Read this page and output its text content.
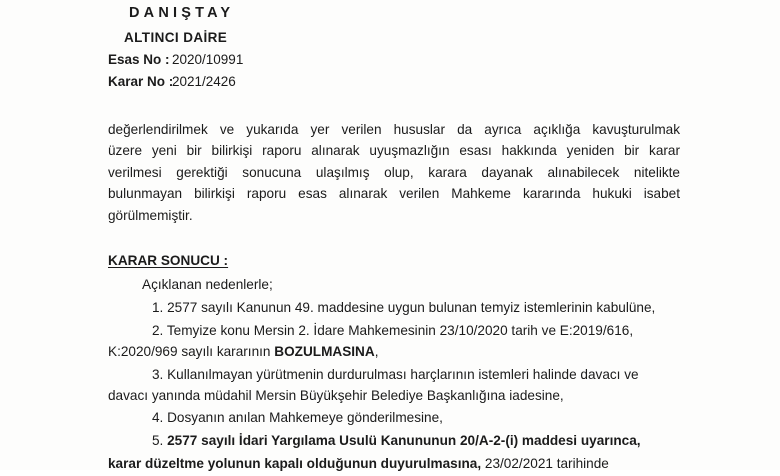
DANIŞTAY
ALTINCI DAİRE
Esas No : 2020/10991
Karar No :2021/2426
değerlendirilmek ve yukarıda yer verilen hususlar da ayrıca açıklığa kavuşturulmak
üzere yeni bir bilirkişi raporu alınarak uyuşmazlığın esası hakkında yeniden bir karar
verilmesi gerektiği sonucuna ulaşılmış olup, karara dayanak alınabilecek nitelikte
bulunmayan bilirkişi raporu esas alınarak verilen Mahkeme kararında hukuki isabet
görülmemiştir.
KARAR SONUCU :
Açıklanan nedenlerle;
1. 2577 sayılı Kanunun 49. maddesine uygun bulunan temyiz istemlerinin kabulüne,
2. Temyize konu Mersin 2. İdare Mahkemesinin 23/10/2020 tarih ve E:2019/616,
K:2020/969 sayılı kararının BOZULMASINA,
3. Kullanılmayan yürütmenin durdurulması harçlarının istemleri halinde davacı ve
davacı yanında müdahil Mersin Büyükşehir Belediye Başkanlığına iadesine,
4. Dosyanın anılan Mahkemeye gönderilmesine,
5. 2577 sayılı İdari Yargılama Usulü Kanununun 20/A-2-(i) maddesi uyarınca,
karar düzeltme yolunun kapalı olduğunun duyurulmasına, 23/02/2021 tarihinde
